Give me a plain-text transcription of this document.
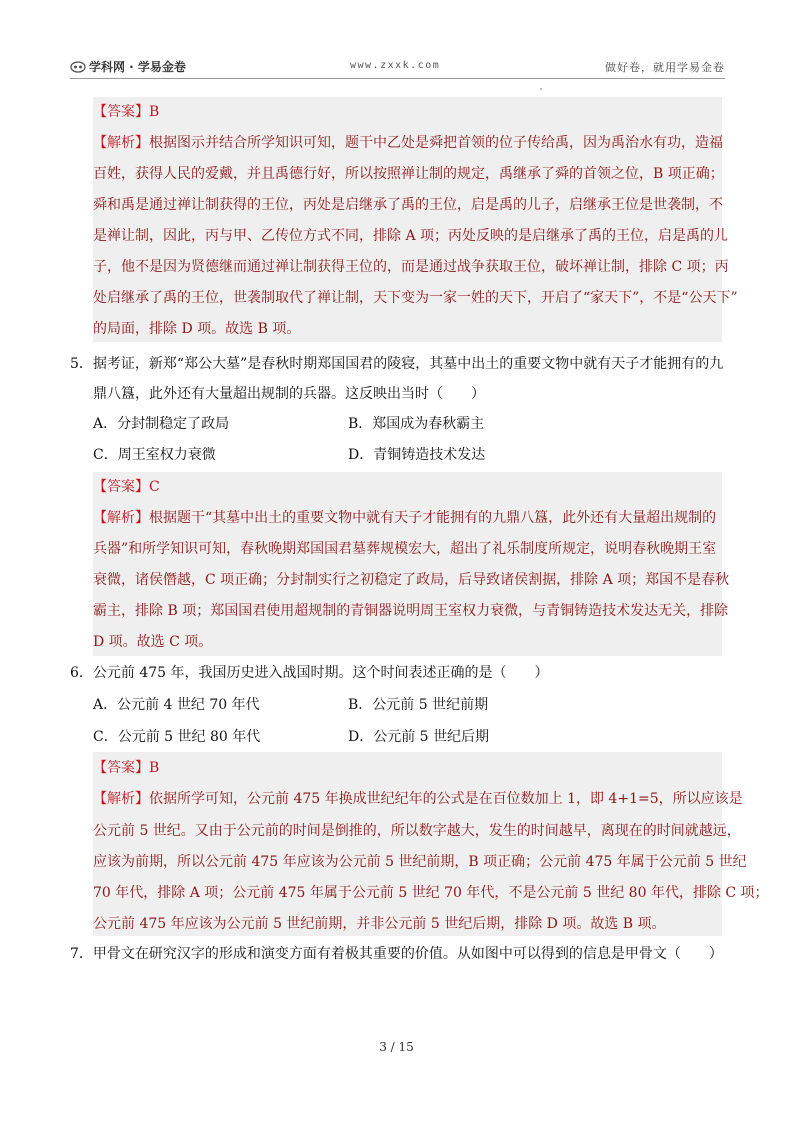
学科网 · 学易金卷	www.zxxk.com	做好卷，就用学易金卷
【答案】B
【解析】根据图示并结合所学知识可知，题干中乙处是舜把首领的位子传给禹，因为禹治水有功，造福
百姓，获得人民的爱戴，并且禹德行好，所以按照禅让制的规定，禹继承了舜的首领之位，B 项正确；
舜和禹是通过禅让制获得的王位，丙处是启继承了禹的王位，启是禹的儿子，启继承王位是世袭制，不
是禅让制，因此，丙与甲、乙传位方式不同，排除 A 项；丙处反映的是启继承了禹的王位，启是禹的儿
子，他不是因为贤德继而通过禅让制获得王位的，而是通过战争获取王位，破坏禅让制，排除 C 项；丙
处启继承了禹的王位，世袭制取代了禅让制，天下变为一家一姓的天下，开启了“家天下”，不是“公天下”
的局面，排除 D 项。故选 B 项。
5．据考证，新郑“郑公大墓”是春秋时期郑国国君的陵寝，其墓中出土的重要文物中就有天子才能拥有的九
鼎八簋，此外还有大量超出规制的兵器。这反映出当时（　　）
A．分封制稳定了政局	B．郑国成为春秋霸主
C．周王室权力衰微	D．青铜铸造技术发达
【答案】C
【解析】根据题干“其墓中出土的重要文物中就有天子才能拥有的九鼎八簋，此外还有大量超出规制的
兵器”和所学知识可知，春秋晚期郑国国君墓葬规模宏大，超出了礼乐制度所规定，说明春秋晚期王室
衰微，诸侯僭越，C 项正确；分封制实行之初稳定了政局，后导致诸侯割据，排除 A 项；郑国不是春秋
霸主，排除 B 项；郑国国君使用超规制的青铜器说明周王室权力衰微，与青铜铸造技术发达无关，排除
D 项。故选 C 项。
6．公元前 475 年，我国历史进入战国时期。这个时间表述正确的是（　　）
A．公元前 4 世纪 70 年代	B．公元前 5 世纪前期
C．公元前 5 世纪 80 年代	D．公元前 5 世纪后期
【答案】B
【解析】依据所学可知，公元前 475 年换成世纪纪年的公式是在百位数加上 1，即 4+1=5，所以应该是
公元前 5 世纪。又由于公元前的时间是倒推的，所以数字越大，发生的时间越早，离现在的时间就越远，
应该为前期，所以公元前 475 年应该为公元前 5 世纪前期，B 项正确；公元前 475 年属于公元前 5 世纪
70 年代，排除 A 项；公元前 475 年属于公元前 5 世纪 70 年代，不是公元前 5 世纪 80 年代，排除 C 项；
公元前 475 年应该为公元前 5 世纪前期，并非公元前 5 世纪后期，排除 D 项。故选 B 项。
7．甲骨文在研究汉字的形成和演变方面有着极其重要的价值。从如图中可以得到的信息是甲骨文（　　）
3 / 15
